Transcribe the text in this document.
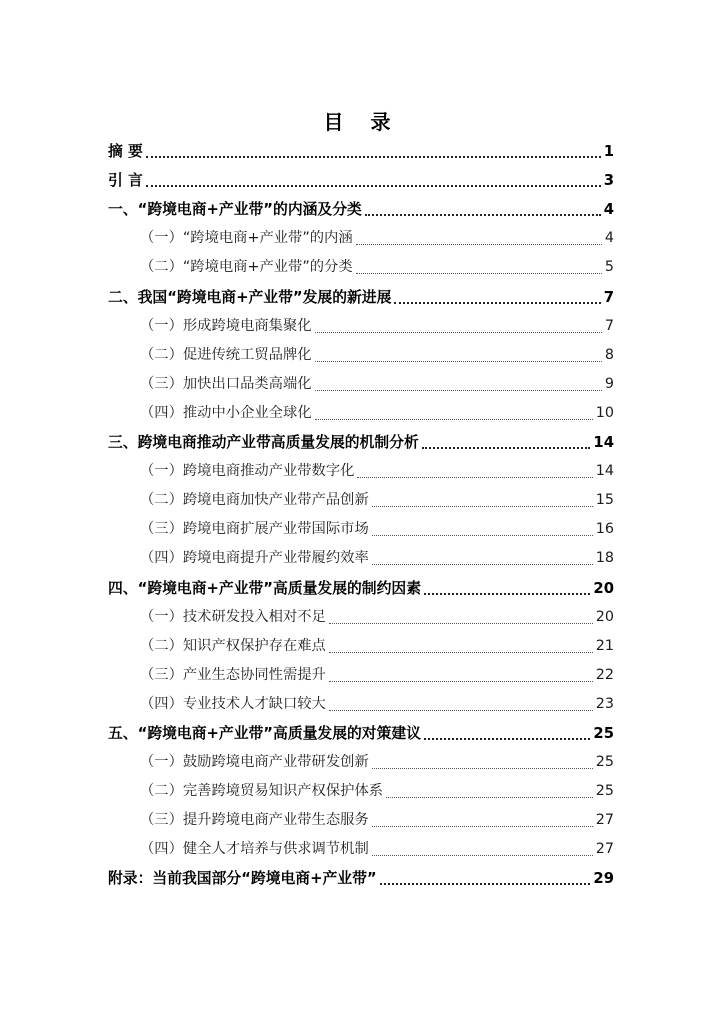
目 录
摘 要	1
引 言	3
一、“跨境电商+产业带”的内涵及分类	4
（一）“跨境电商+产业带”的内涵	4
（二）“跨境电商+产业带”的分类	5
二、我国“跨境电商+产业带”发展的新进展	7
（一）形成跨境电商集聚化	7
（二）促进传统工贸品牌化	8
（三）加快出口品类高端化	9
（四）推动中小企业全球化	10
三、跨境电商推动产业带高质量发展的机制分析	14
（一）跨境电商推动产业带数字化	14
（二）跨境电商加快产业带产品创新	15
（三）跨境电商扩展产业带国际市场	16
（四）跨境电商提升产业带履约效率	18
四、“跨境电商+产业带”高质量发展的制约因素	20
（一）技术研发投入相对不足	20
（二）知识产权保护存在难点	21
（三）产业生态协同性需提升	22
（四）专业技术人才缺口较大	23
五、“跨境电商+产业带”高质量发展的对策建议	25
（一）鼓励跨境电商产业带研发创新	25
（二）完善跨境贸易知识产权保护体系	25
（三）提升跨境电商产业带生态服务	27
（四）健全人才培养与供求调节机制	27
附录：当前我国部分“跨境电商+产业带”	29
